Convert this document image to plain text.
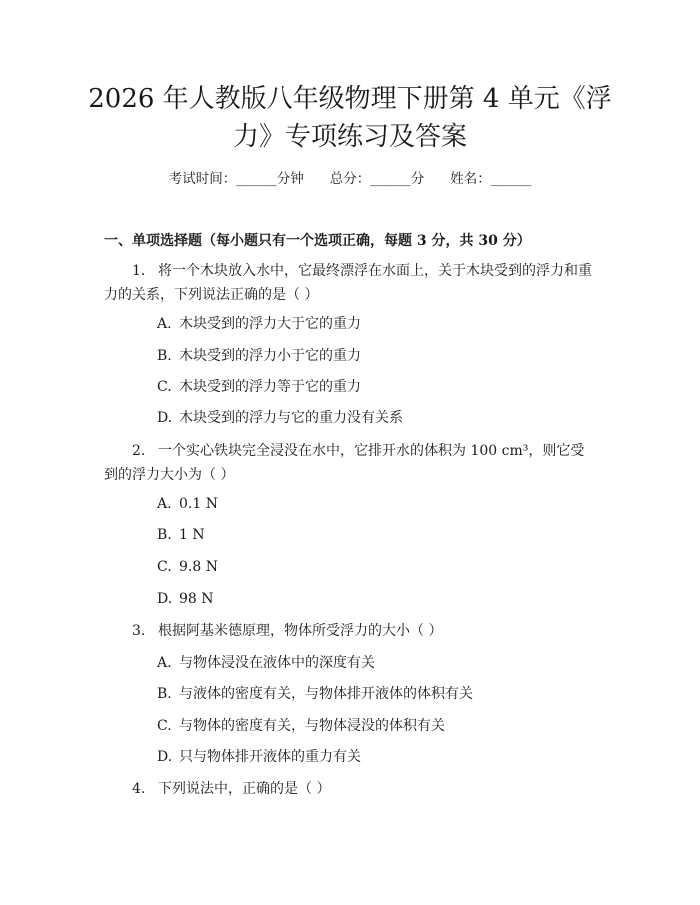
2026 年人教版八年级物理下册第 4 单元《浮
力》专项练习及答案
考试时间：______分钟 总分：______分 姓名：______
一、单项选择题（每小题只有一个选项正确，每题 3 分，共 30 分）
1. 将一个木块放入水中，它最终漂浮在水面上，关于木块受到的浮力和重力的关系，下列说法正确的是（ ）
A. 木块受到的浮力大于它的重力
B. 木块受到的浮力小于它的重力
C. 木块受到的浮力等于它的重力
D. 木块受到的浮力与它的重力没有关系
2. 一个实心铁块完全浸没在水中，它排开水的体积为 100 cm³，则它受到的浮力大小为（ ）
A. 0.1 N
B. 1 N
C. 9.8 N
D. 98 N
3. 根据阿基米德原理，物体所受浮力的大小（ ）
A. 与物体浸没在液体中的深度有关
B. 与液体的密度有关，与物体排开液体的体积有关
C. 与物体的密度有关，与物体浸没的体积有关
D. 只与物体排开液体的重力有关
4. 下列说法中，正确的是（ ）
